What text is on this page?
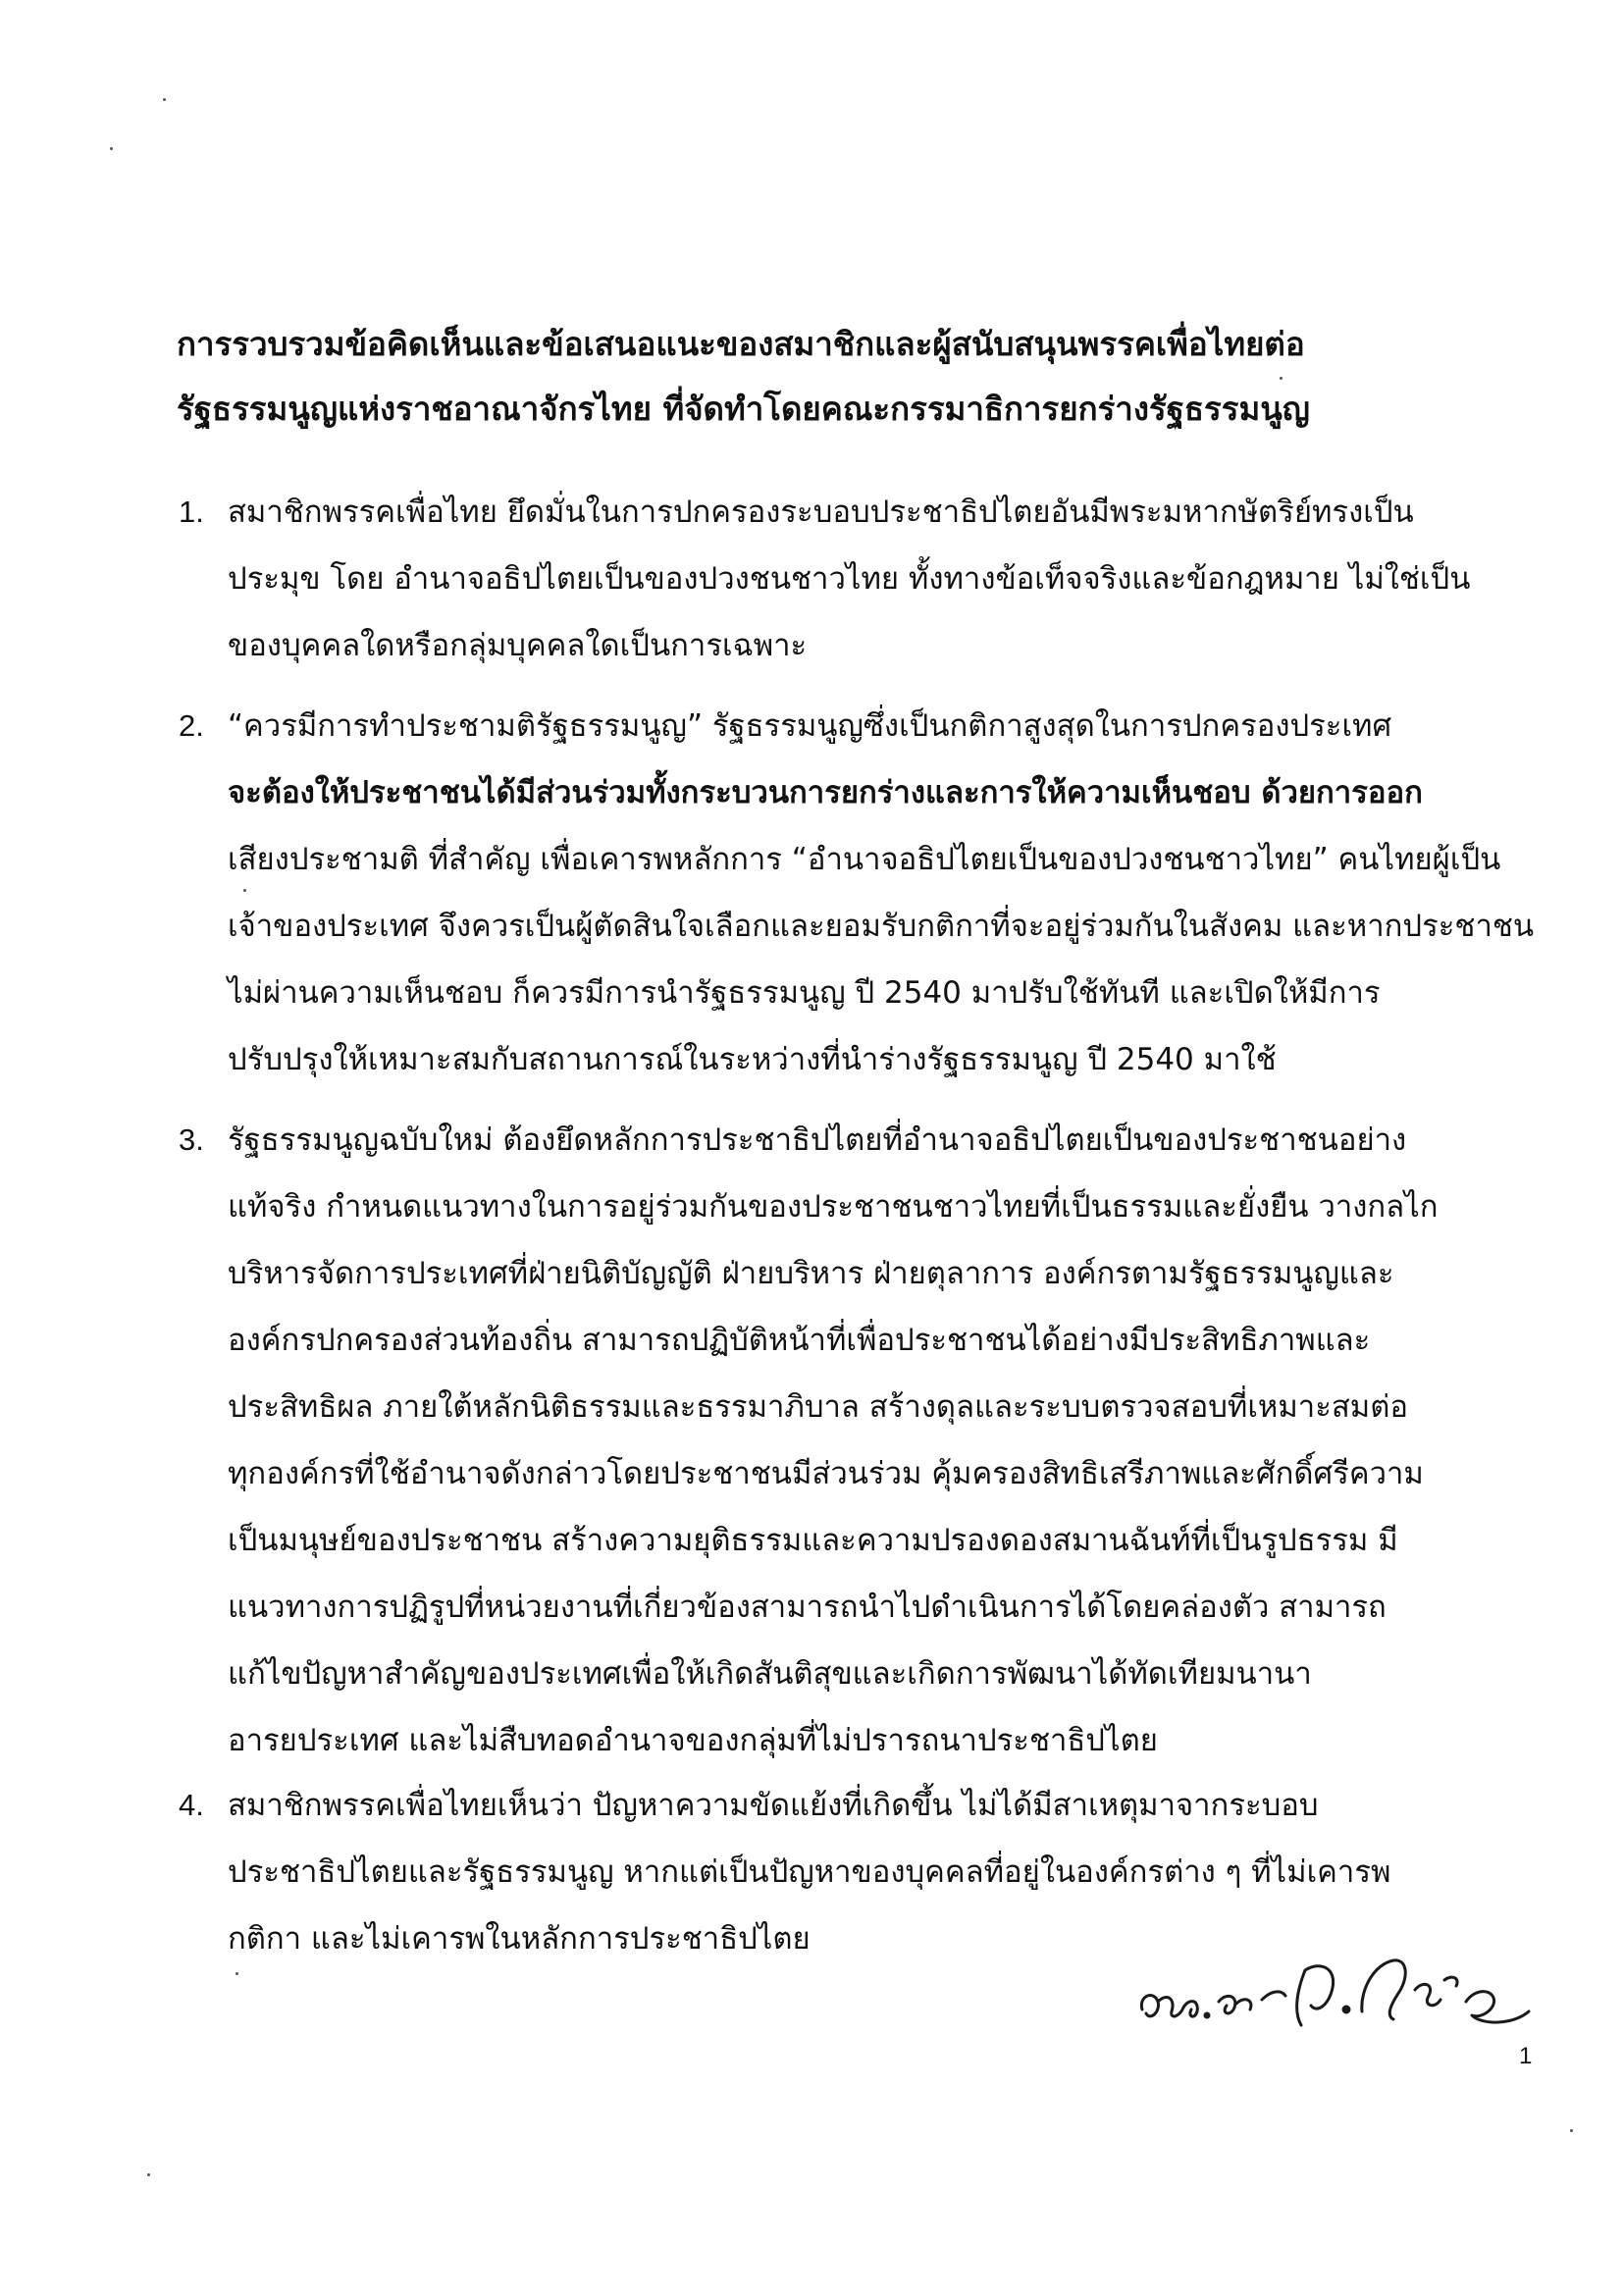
การรวบรวมข้อคิดเห็นและข้อเสนอแนะของสมาชิกและผู้สนับสนุนพรรคเพื่อไทยต่อ
รัฐธรรมนูญแห่งราชอาณาจักรไทย ที่จัดทำโดยคณะกรรมาธิการยกร่างรัฐธรรมนูญ
1. สมาชิกพรรคเพื่อไทย ยึดมั่นในการปกครองระบอบประชาธิปไตยอันมีพระมหากษัตริย์ทรงเป็น
ประมุข โดย อำนาจอธิปไตยเป็นของปวงชนชาวไทย ทั้งทางข้อเท็จจริงและข้อกฎหมาย ไม่ใช่เป็น
ของบุคคลใดหรือกลุ่มบุคคลใดเป็นการเฉพาะ
2. “ควรมีการทำประชามติรัฐธรรมนูญ” รัฐธรรมนูญซึ่งเป็นกติกาสูงสุดในการปกครองประเทศ
จะต้องให้ประชาชนได้มีส่วนร่วมทั้งกระบวนการยกร่างและการให้ความเห็นชอบ ด้วยการออก
เสียงประชามติ ที่สำคัญ เพื่อเคารพหลักการ “อำนาจอธิปไตยเป็นของปวงชนชาวไทย” คนไทยผู้เป็น
เจ้าของประเทศ จึงควรเป็นผู้ตัดสินใจเลือกและยอมรับกติกาที่จะอยู่ร่วมกันในสังคม และหากประชาชน
ไม่ผ่านความเห็นชอบ ก็ควรมีการนำรัฐธรรมนูญ ปี 2540 มาปรับใช้ทันที และเปิดให้มีการ
ปรับปรุงให้เหมาะสมกับสถานการณ์ในระหว่างที่นำร่างรัฐธรรมนูญ ปี 2540 มาใช้
3. รัฐธรรมนูญฉบับใหม่ ต้องยึดหลักการประชาธิปไตยที่อำนาจอธิปไตยเป็นของประชาชนอย่าง
แท้จริง กำหนดแนวทางในการอยู่ร่วมกันของประชาชนชาวไทยที่เป็นธรรมและยั่งยืน วางกลไก
บริหารจัดการประเทศที่ฝ่ายนิติบัญญัติ ฝ่ายบริหาร ฝ่ายตุลาการ องค์กรตามรัฐธรรมนูญและ
องค์กรปกครองส่วนท้องถิ่น สามารถปฏิบัติหน้าที่เพื่อประชาชนได้อย่างมีประสิทธิภาพและ
ประสิทธิผล ภายใต้หลักนิติธรรมและธรรมาภิบาล สร้างดุลและระบบตรวจสอบที่เหมาะสมต่อ
ทุกองค์กรที่ใช้อำนาจดังกล่าวโดยประชาชนมีส่วนร่วม คุ้มครองสิทธิเสรีภาพและศักดิ์ศรีความ
เป็นมนุษย์ของประชาชน สร้างความยุติธรรมและความปรองดองสมานฉันท์ที่เป็นรูปธรรม มี
แนวทางการปฏิรูปที่หน่วยงานที่เกี่ยวข้องสามารถนำไปดำเนินการได้โดยคล่องตัว สามารถ
แก้ไขปัญหาสำคัญของประเทศเพื่อให้เกิดสันติสุขและเกิดการพัฒนาได้ทัดเทียมนานา
อารยประเทศ และไม่สืบทอดอำนาจของกลุ่มที่ไม่ปรารถนาประชาธิปไตย
4. สมาชิกพรรคเพื่อไทยเห็นว่า ปัญหาความขัดแย้งที่เกิดขึ้น ไม่ได้มีสาเหตุมาจากระบอบ
ประชาธิปไตยและรัฐธรรมนูญ หากแต่เป็นปัญหาของบุคคลที่อยู่ในองค์กรต่าง ๆ ที่ไม่เคารพ
กติกา และไม่เคารพในหลักการประชาธิปไตย
1
